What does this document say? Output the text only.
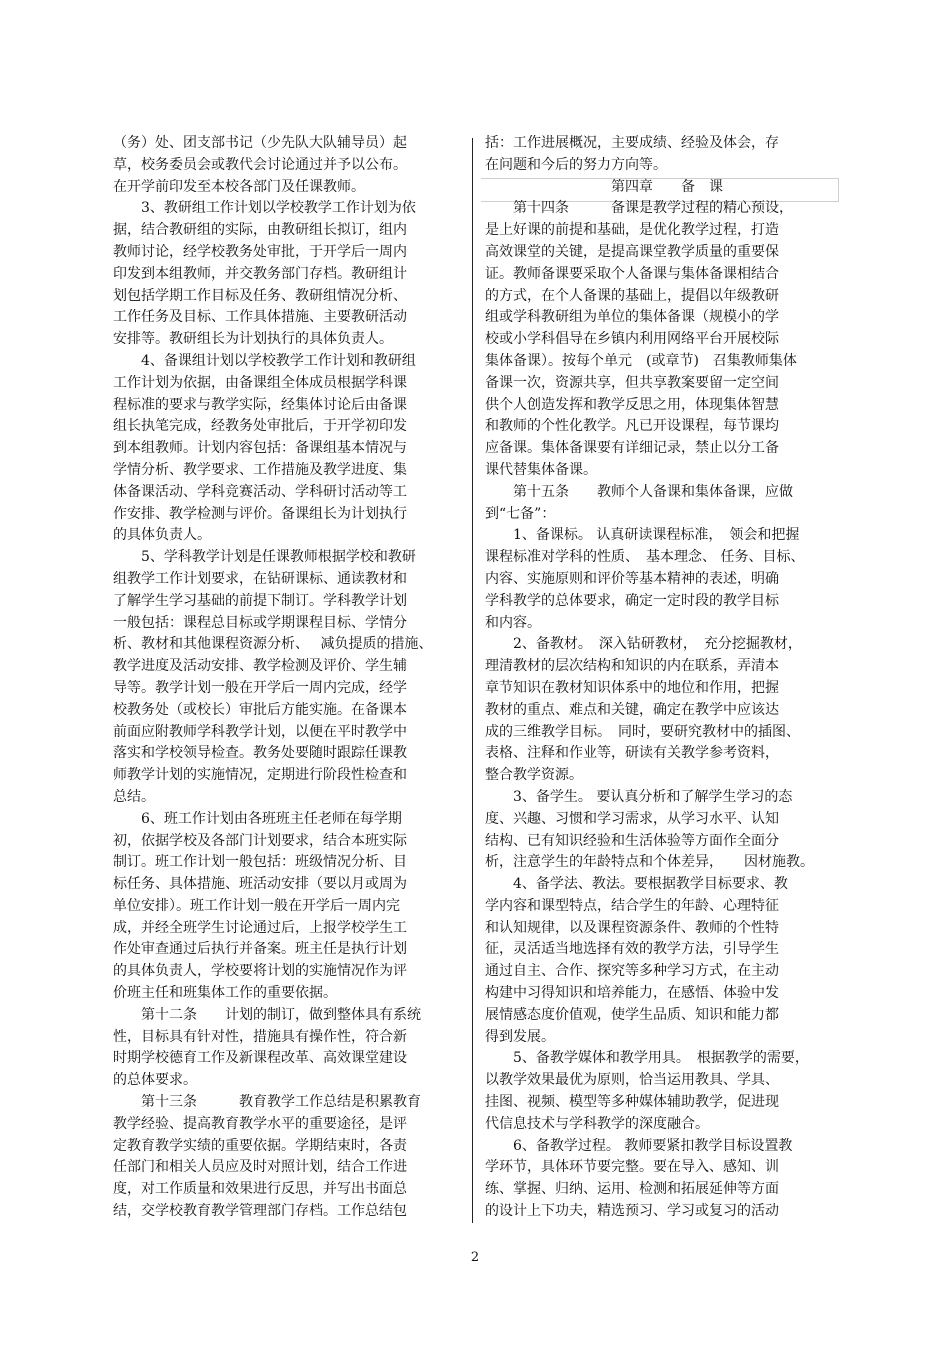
（务）处、团支部书记（少先队大队辅导员）起

草，校务委员会或教代会讨论通过并予以公布。

在开学前印发至本校各部门及任课教师。

　　3、教研组工作计划以学校教学工作计划为依

据，结合教研组的实际，由教研组长拟订，组内

教师讨论，经学校教务处审批，于开学后一周内

印发到本组教师，并交教务部门存档。教研组计

划包括学期工作目标及任务、教研组情况分析、

工作任务及目标、工作具体措施、主要教研活动

安排等。教研组长为计划执行的具体负责人。

　　4、备课组计划以学校教学工作计划和教研组

工作计划为依据，由备课组全体成员根据学科课

程标准的要求与教学实际，经集体讨论后由备课

组长执笔完成，经教务处审批后，于开学初印发

到本组教师。计划内容包括：备课组基本情况与

学情分析、教学要求、工作措施及教学进度、集

体备课活动、学科竞赛活动、学科研讨活动等工

作安排、教学检测与评价。备课组长为计划执行

的具体负责人。

　　5、学科教学计划是任课教师根据学校和教研

组教学工作计划要求，在钻研课标、通读教材和

了解学生学习基础的前提下制订。学科教学计划

一般包括：课程总目标或学期课程目标、学情分

析、教材和其他课程资源分析、　 减负提质的措施、

教学进度及活动安排、教学检测及评价、学生辅

导等。教学计划一般在开学后一周内完成，经学

校教务处（或校长）审批后方能实施。在备课本

前面应附教师学科教学计划，以便在平时教学中

落实和学校领导检查。教务处要随时跟踪任课教

师教学计划的实施情况，定期进行阶段性检查和

总结。

　　6、班工作计划由各班班主任老师在每学期

初，依据学校及各部门计划要求，结合本班实际

制订。班工作计划一般包括：班级情况分析、目

标任务、具体措施、班活动安排（要以月或周为

单位安排）。班工作计划一般在开学后一周内完

成，并经全班学生讨论通过后，上报学校学生工

作处审查通过后执行并备案。班主任是执行计划

的具体负责人，学校要将计划的实施情况作为评

价班主任和班集体工作的重要依据。

　　第十二条　　计划的制订，做到整体具有系统

性，目标具有针对性，措施具有操作性，符合新

时期学校德育工作及新课程改革、高效课堂建设

的总体要求。

　　第十三条　　　教育教学工作总结是积累教育

教学经验、提高教育教学水平的重要途径，是评

定教育教学实绩的重要依据。学期结束时，各责

任部门和相关人员应及时对照计划，结合工作进

度，对工作质量和效果进行反思，并写出书面总

结，交学校教育教学管理部门存档。工作总结包

括：工作进展概况，主要成绩、经验及体会，存

在问题和今后的努力方向等。

　　　　　　　　　第四章　　备　课

　　第十四条　　　备课是教学过程的精心预设，

是上好课的前提和基础，是优化教学过程，打造

高效课堂的关键，是提高课堂教学质量的重要保

证。教师备课要采取个人备课与集体备课相结合

的方式，在个人备课的基础上，提倡以年级教研

组或学科教研组为单位的集体备课（规模小的学

校或小学科倡导在乡镇内利用网络平台开展校际

集体备课）。按每个单元　(或章节)　召集教师集体

备课一次，资源共享，但共享教案要留一定空间

供个人创造发挥和教学反思之用，体现集体智慧

和教师的个性化教学。凡已开设课程，每节课均

应备课。集体备课要有详细记录，禁止以分工备

课代替集体备课。

　　第十五条　　教师个人备课和集体备课，应做

到“七备”：

　　1、备课标。 认真研读课程标准，　领会和把握

课程标准对学科的性质、　基本理念、 任务、目标、

内容、实施原则和评价等基本精神的表述，明确

学科教学的总体要求，确定一定时段的教学目标

和内容。

　　2、备教材。　深入钻研教材，　充分挖掘教材，

理清教材的层次结构和知识的内在联系，弄清本

章节知识在教材知识体系中的地位和作用，把握

教材的重点、难点和关键，确定在教学中应该达

成的三维教学目标。　同时，要研究教材中的插图、

表格、注释和作业等，研读有关教学参考资料，

整合教学资源。

　　3、备学生。 要认真分析和了解学生学习的态

度、兴趣、习惯和学习需求，从学习水平、认知

结构、已有知识经验和生活体验等方面作全面分

析，注意学生的年龄特点和个体差异，　　因材施教。

　　4、备学法、教法。要根据教学目标要求、教

学内容和课型特点，结合学生的年龄、心理特征

和认知规律，以及课程资源条件、教师的个性特

征，灵活适当地选择有效的教学方法，引导学生

通过自主、合作、探究等多种学习方式，在主动

构建中习得知识和培养能力，在感悟、体验中发

展情感态度价值观，使学生品质、知识和能力都

得到发展。

　　5、备教学媒体和教学用具。　根据教学的需要，

以教学效果最优为原则，恰当运用教具、学具、

挂图、视频、模型等多种媒体辅助教学，促进现

代信息技术与学科教学的深度融合。

　　6、备教学过程。 教师要紧扣教学目标设置教

学环节，具体环节要完整。要在导入、感知、训

练、掌握、归纳、运用、检测和拓展延伸等方面

的设计上下功夫，精选预习、学习或复习的活动

2
